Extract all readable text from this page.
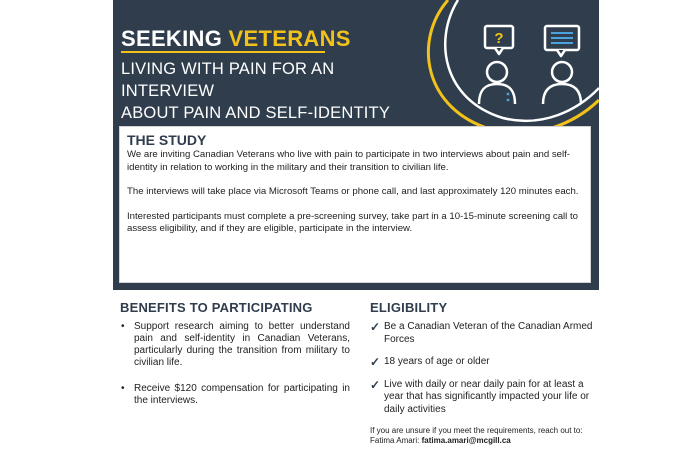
SEEKING VETERANS
LIVING WITH PAIN FOR AN INTERVIEW
ABOUT PAIN AND SELF-IDENTITY
?
THE STUDY

We are inviting Canadian Veterans who live with pain to participate in two interviews about pain and self-identity in relation to working in the military and their transition to civilian life.

The interviews will take place via Microsoft Teams or phone call, and last approximately 120 minutes each.

Interested participants must complete a pre-screening survey, take part in a 10-15-minute screening call to assess eligibility, and if they are eligible, participate in the interview.

BENEFITS TO PARTICIPATING
• Support research aiming to better understand pain and self-identity in Canadian Veterans, particularly during the transition from military to civilian life.
• Receive $120 compensation for participating in the interviews.
ELIGIBILITY
✓ Be a Canadian Veteran of the Canadian Armed Forces
✓ 18 years of age or older
✓ Live with daily or near daily pain for at least a year that has significantly impacted your life or daily activities
If you are unsure if you meet the requirements, reach out to: Fatima Amari: fatima.amari@mcgill.ca
